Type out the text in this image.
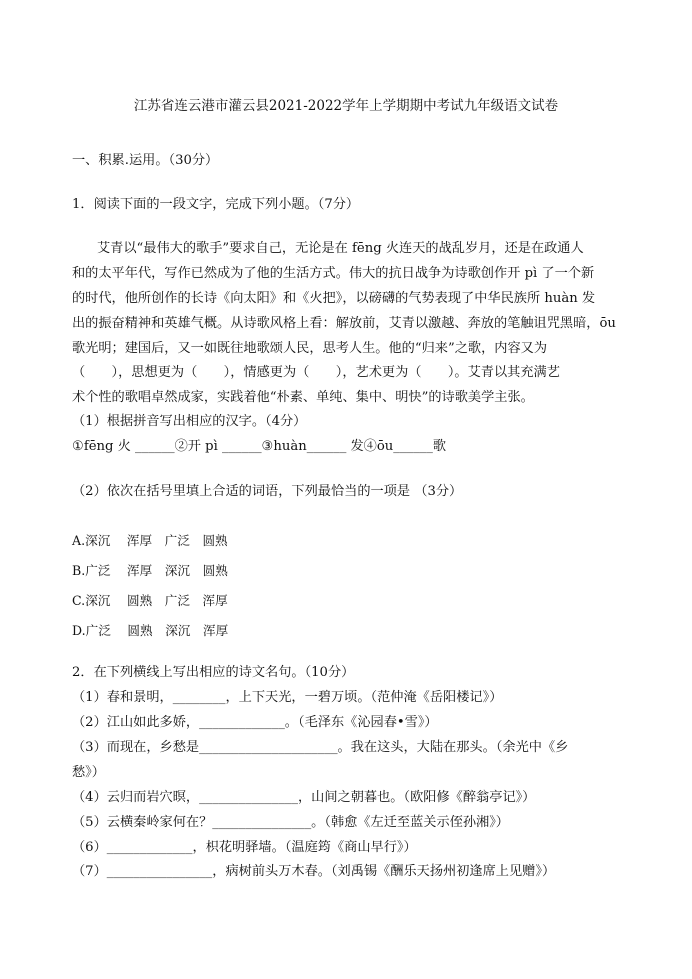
江苏省连云港市灌云县2021-2022学年上学期期中考试九年级语文试卷
一、积累.运用。（30分）
1．阅读下面的一段文字，完成下列小题。（7分）
艾青以“最伟大的歌手”要求自己，无论是在 fēng 火连天的战乱岁月，还是在政通人
和的太平年代，写作已然成为了他的生活方式。伟大的抗日战争为诗歌创作开 pì 了一个新
的时代，他所创作的长诗《向太阳》和《火把》，以磅礴的气势表现了中华民族所 huàn 发
出的振奋精神和英雄气概。从诗歌风格上看：解放前，艾青以激越、奔放的笔触诅咒黑暗，ōu
歌光明；建国后，又一如既往地歌颂人民，思考人生。他的“归来”之歌，内容又为
（　　），思想更为（　　），情感更为（　　），艺术更为（　　）。艾青以其充满艺
术个性的歌唱卓然成家，实践着他“朴素、单纯、集中、明快”的诗歌美学主张。
（1）根据拼音写出相应的汉字。（4分）
①fēng 火 ______②开 pì ______③huàn______ 发④ōu______歌
（2）依次在括号里填上合适的词语，下列最恰当的一项是 （3分）
A.深沉　 浑厚　广泛　圆熟
B.广泛　 浑厚　深沉　圆熟
C.深沉　 圆熟　广泛　浑厚
D.广泛　 圆熟　深沉　浑厚
2．在下列横线上写出相应的诗文名句。（10分）
（1）春和景明，________，上下天光，一碧万顷。（范仲淹《岳阳楼记》）
（2）江山如此多娇，_____________。（毛泽东《沁园春•雪》）
（3）而现在，乡愁是_____________________。我在这头，大陆在那头。（余光中《乡
愁》）
（4）云归而岩穴暝，_______________，山间之朝暮也。（欧阳修《醉翁亭记》）
（5）云横秦岭家何在？_______________。（韩愈《左迁至蓝关示侄孙湘》）
（6）_____________，枳花明驿墙。（温庭筠《商山早行》）
（7）________________，病树前头万木春。（刘禹锡《酬乐天扬州初逢席上见赠》）
